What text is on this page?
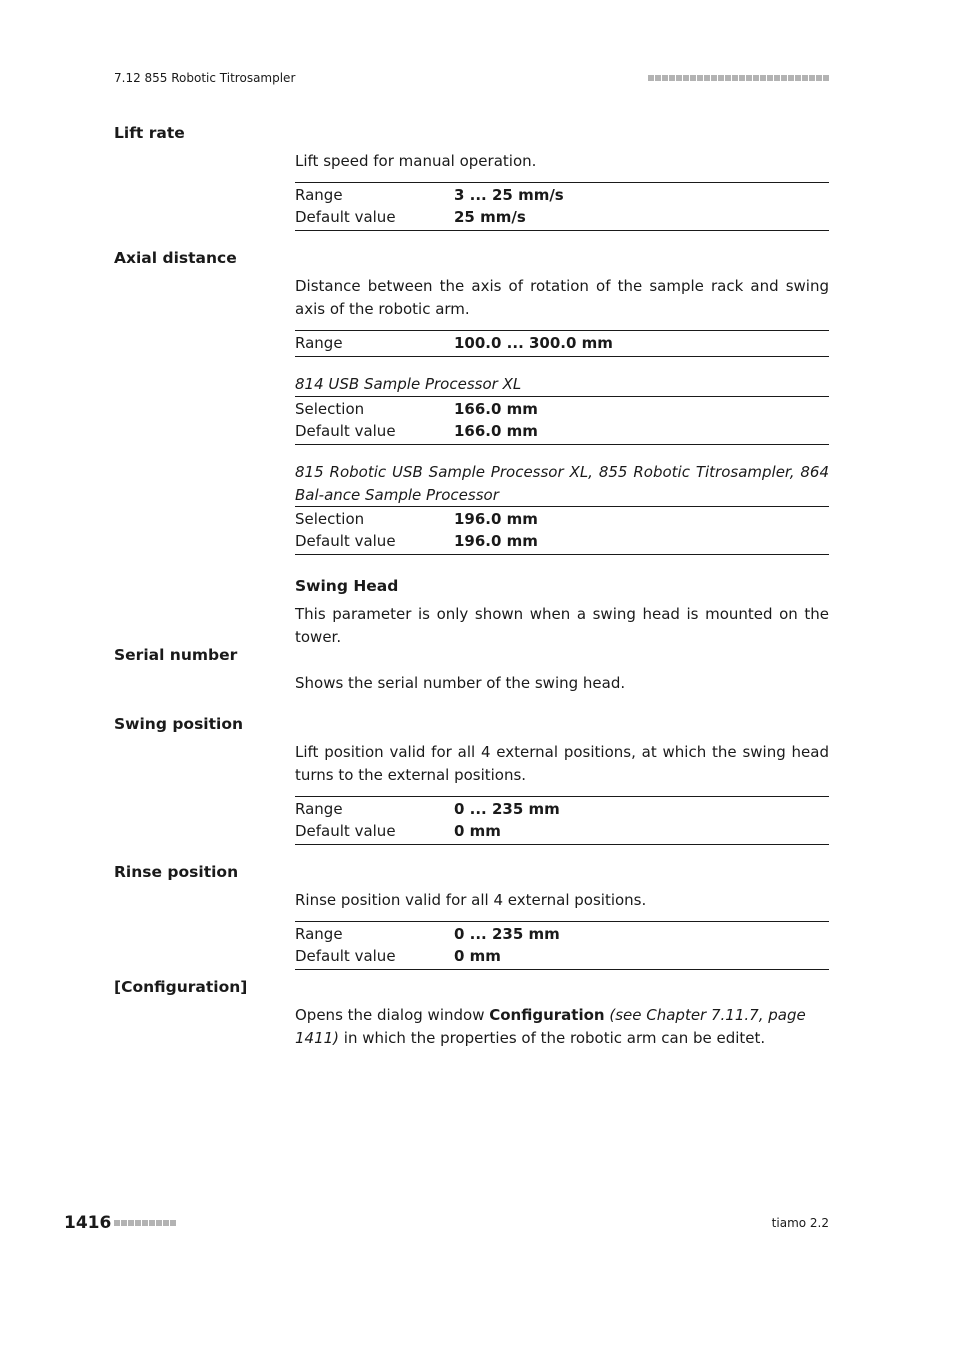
7.12 855 Robotic Titrosampler
Lift rate
Lift speed for manual operation.
Range	3 ... 25 mm/s
Default value	25 mm/s
Axial distance
Distance between the axis of rotation of the sample rack and swing axis of the robotic arm.
Range	100.0 ... 300.0 mm
814 USB Sample Processor XL
Selection	166.0 mm
Default value	166.0 mm
815 Robotic USB Sample Processor XL, 855 Robotic Titrosampler, 864 Bal-ance Sample Processor
Selection	196.0 mm
Default value	196.0 mm
Swing Head
This parameter is only shown when a swing head is mounted on the tower.
Serial number
Shows the serial number of the swing head.
Swing position
Lift position valid for all 4 external positions, at which the swing head turns to the external positions.
Range	0 ... 235 mm
Default value	0 mm
Rinse position
Rinse position valid for all 4 external positions.
Range	0 ... 235 mm
Default value	0 mm
[Configuration]
Opens the dialog window Configuration (see Chapter 7.11.7, page 1411) in which the properties of the robotic arm can be editet.
1416	tiamo 2.2
